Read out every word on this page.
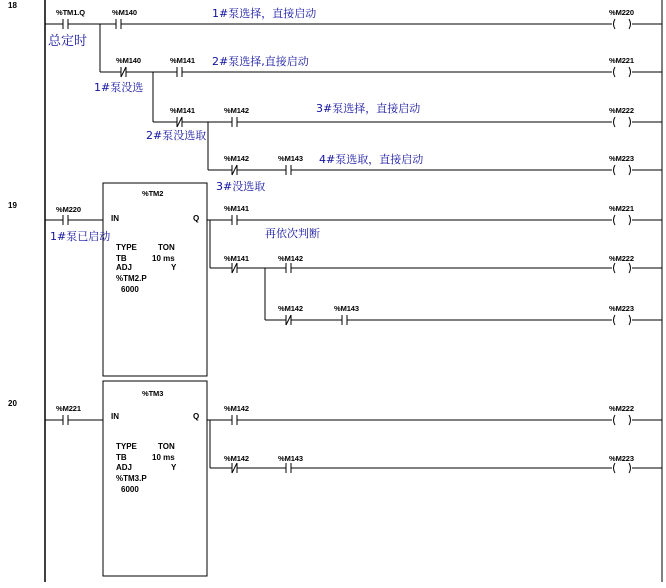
18
%TM1.Q	%M140
总定时
1#泵选择，直接启动	%M220
%M140	%M141 2#泵选择,直接启动
1#泵没选
%M221
%M141	%M142	3#泵选择，直接启动
2#泵没选取
%M222
%M142	%M143 4#泵选取，直接启动
3#没选取
%M223
19
%TM2
%M220
IN	Q
1#泵已启动
TYPE	TON
TB	10 ms
ADJ	Y
%TM2.P
6000
%M141
再依次判断
%M221
%M141	%M142	%M222
%M142	%M143	%M223
20
%TM3
%M221
IN	Q
TYPE	TON
TB	10 ms
ADJ	Y
%TM3.P
6000
%M142	%M222
%M142	%M143	%M223
